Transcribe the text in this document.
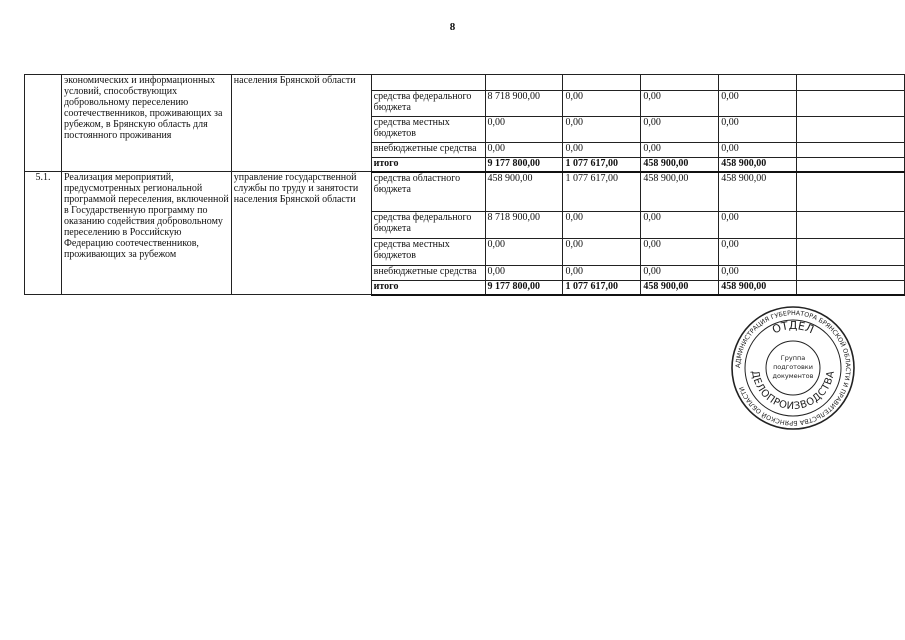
8
	экономических и информационных условий, способствующих добровольному переселению соотечественников, проживающих за рубежом, в Брянскую область для постоянного проживания	населения Брянской области						
			средства федерального бюджета	8 718 900,00	0,00	0,00	0,00	
			средства местных бюджетов	0,00	0,00	0,00	0,00	
			внебюджетные средства	0,00	0,00	0,00	0,00	
			итого	9 177 800,00	1 077 617,00	458 900,00	458 900,00	
5.1.	Реализация мероприятий, предусмотренных региональной программой переселения, включенной в Государственную программу по оказанию содействия добровольному переселению в Российскую Федерацию соотечественников, проживающих за рубежом	управление государственной службы по труду и занятости населения Брянской области	средства областного бюджета	458 900,00	1 077 617,00	458 900,00	458 900,00	
			средства федерального бюджета	8 718 900,00	0,00	0,00	0,00	
			средства местных бюджетов	0,00	0,00	0,00	0,00	
			внебюджетные средства	0,00	0,00	0,00	0,00	
			итого	9 177 800,00	1 077 617,00	458 900,00	458 900,00	
АДМИНИСТРАЦИЯ ГУБЕРНАТОРА БРЯНСКОЙ ОБЛАСТИ И ПРАВИТЕЛЬСТВА БРЯНСКОЙ ОБЛАСТИ
ОТДЕЛ
ДЕЛОПРОИЗВОДСТВА
Группа
подготовки
документов
